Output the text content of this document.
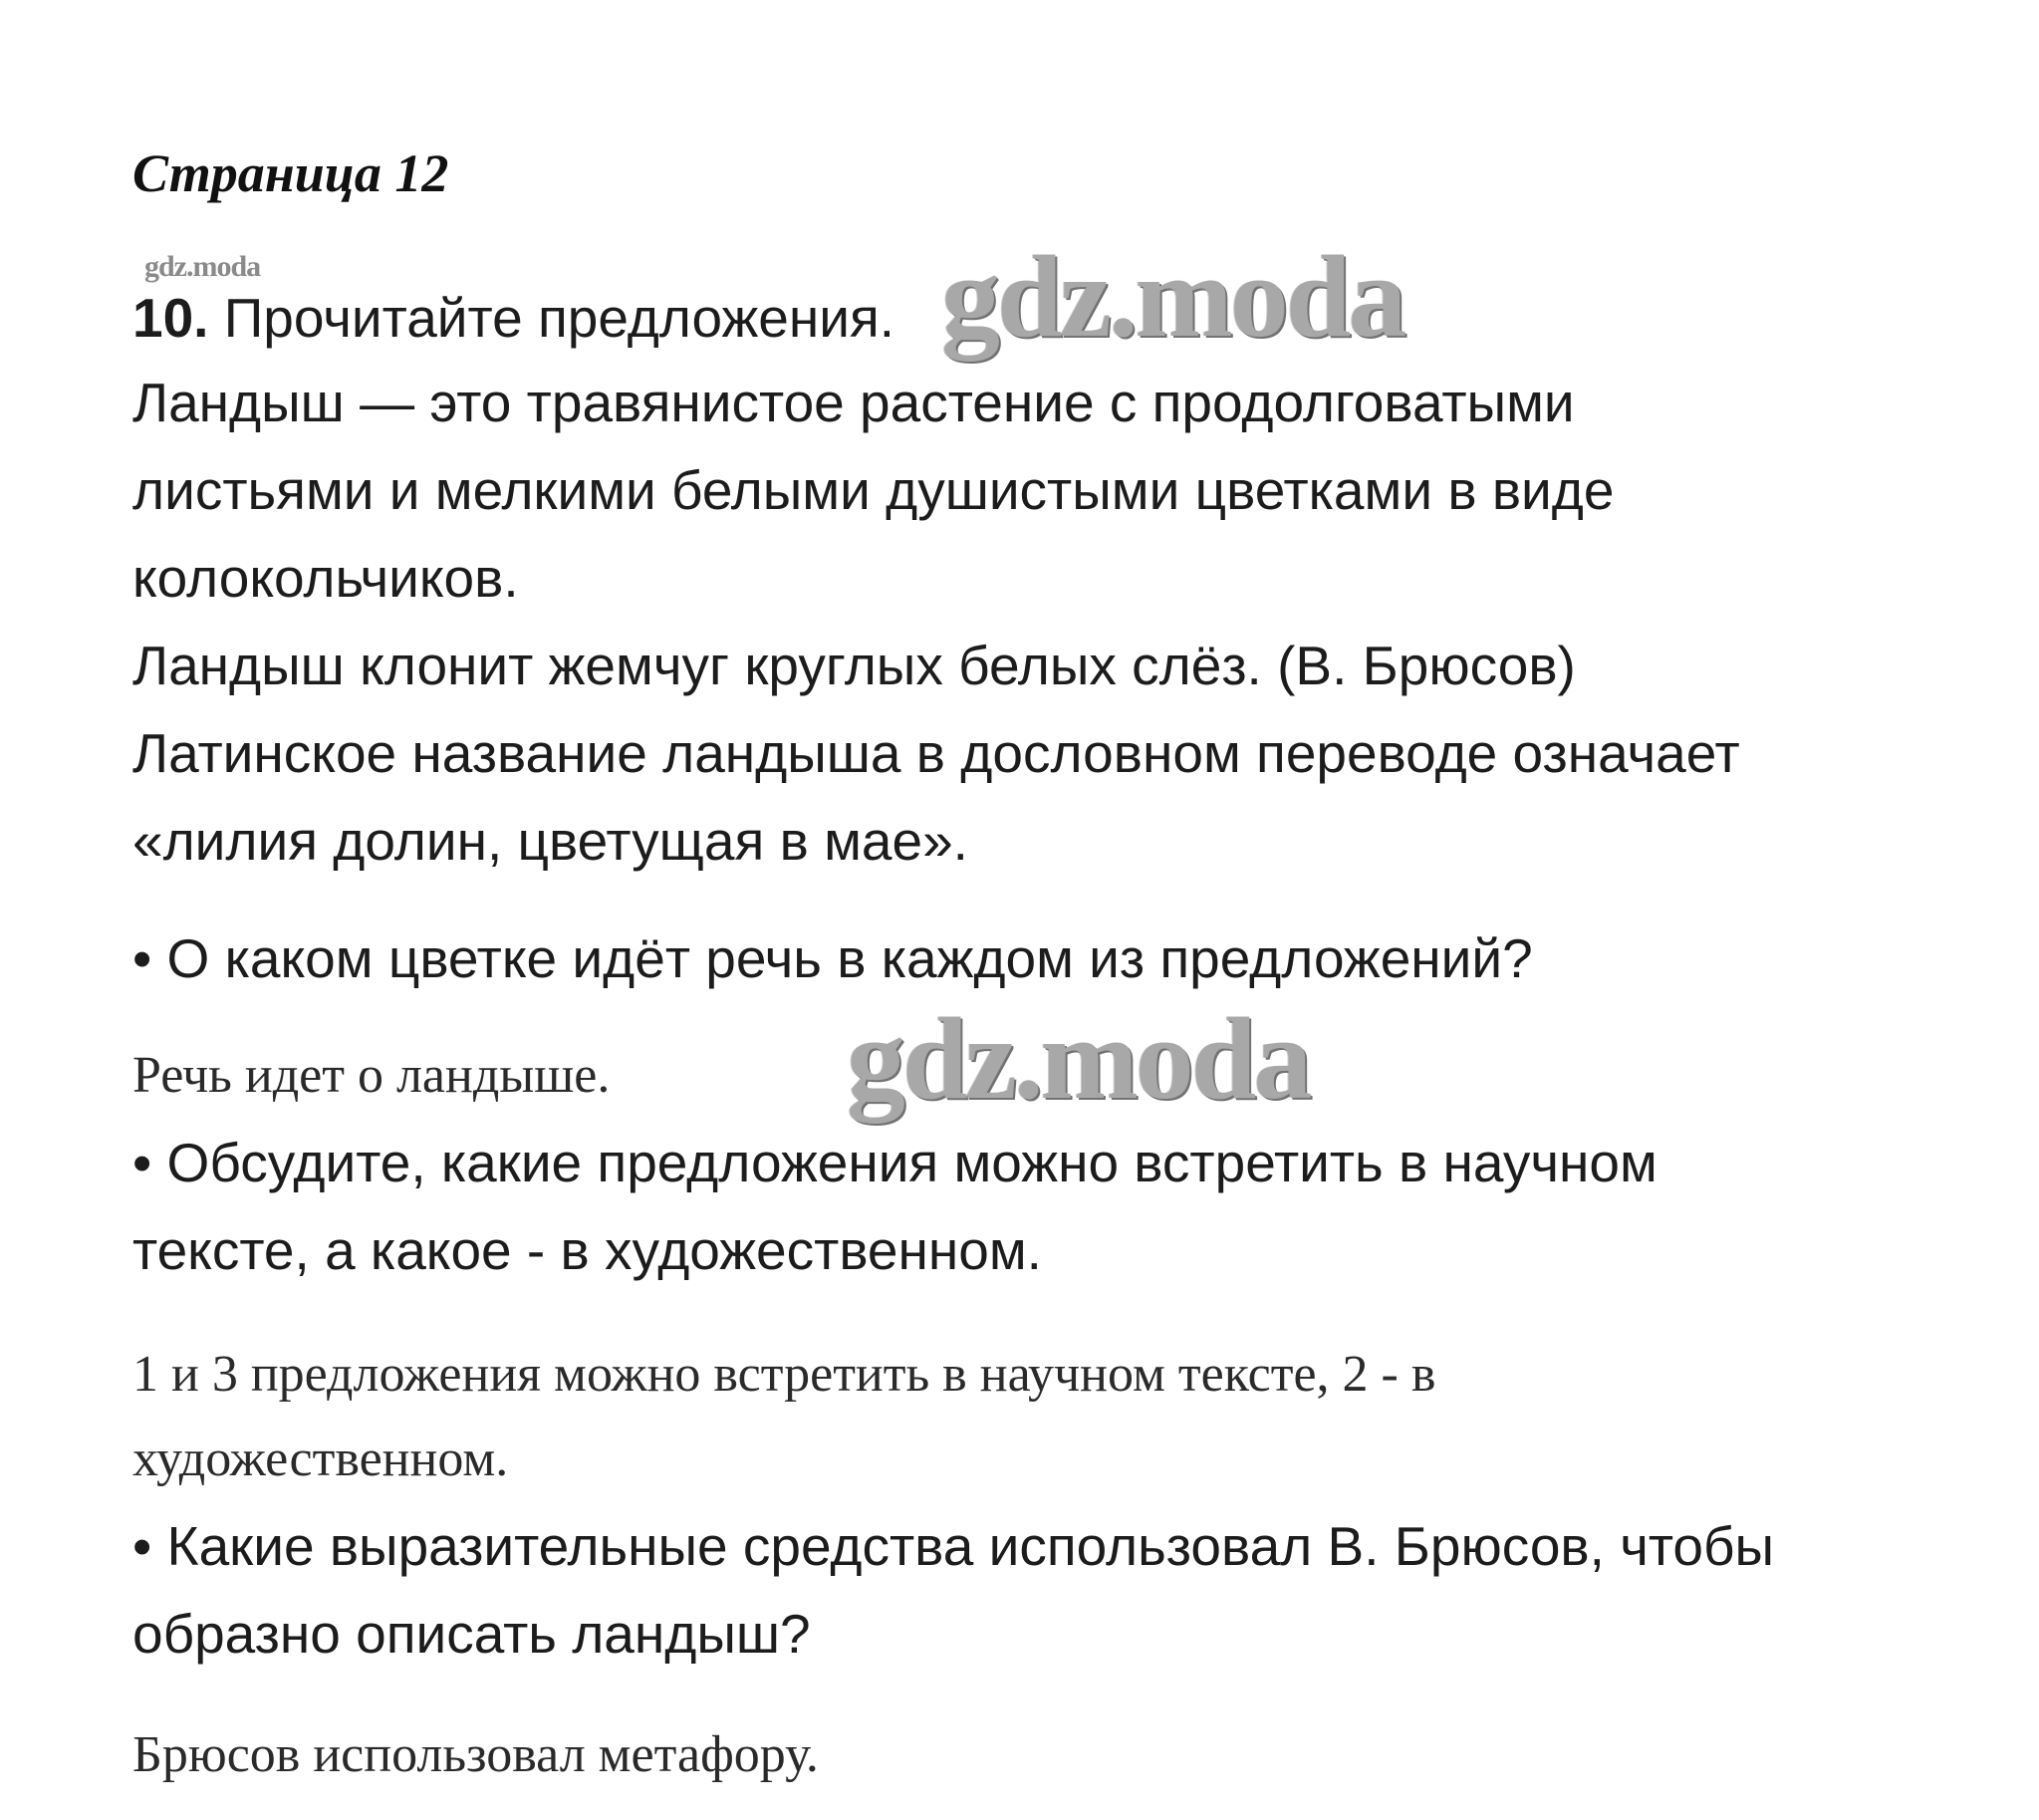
Страница 12
gdz.moda
10. Прочитайте предложения. gdz.moda
Ландыш — это травянистое растение с продолговатыми
листьями и мелкими белыми душистыми цветками в виде
колокольчиков.
Ландыш клонит жемчуг круглых белых слёз. (В. Брюсов)
Латинское название ландыша в дословном переводе означает
«лилия долин, цветущая в мае».
• О каком цветке идёт речь в каждом из предложений?
Речь идет о ландыше. gdz.moda
• Обсудите, какие предложения можно встретить в научном
тексте, а какое - в художественном.
1 и 3 предложения можно встретить в научном тексте, 2 - в
художественном.
• Какие выразительные средства использовал В. Брюсов, чтобы
образно описать ландыш?
Брюсов использовал метафору.
